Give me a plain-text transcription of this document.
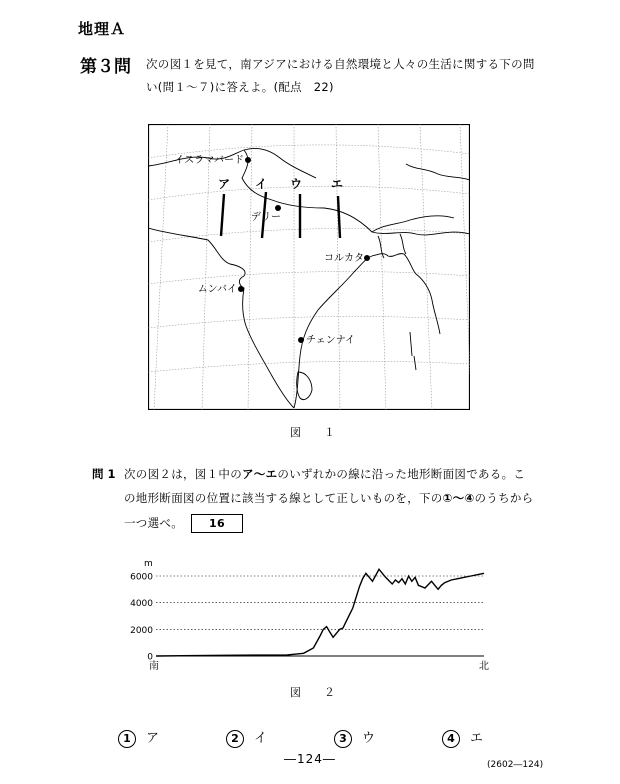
地理Ａ
第３問 次の図１を見て，南アジアにおける自然環境と人々の生活に関する下の問
い(問１～７)に答えよ。(配点　22)
ア イ ウ エ
イスラマバード
デリー
コルカタ
ムンバイ
チェンナイ
図　１
問 1 次の図２は，図１中のア～エのいずれかの線に沿った地形断面図である。こ
の地形断面図の位置に該当する線として正しいものを，下の①～④のうちから
一つ選べ。 16
0
2000
4000
6000
m
南	北
図　２
1 ア	2 イ	3 ウ	4 エ
―124―	(2602―124)
